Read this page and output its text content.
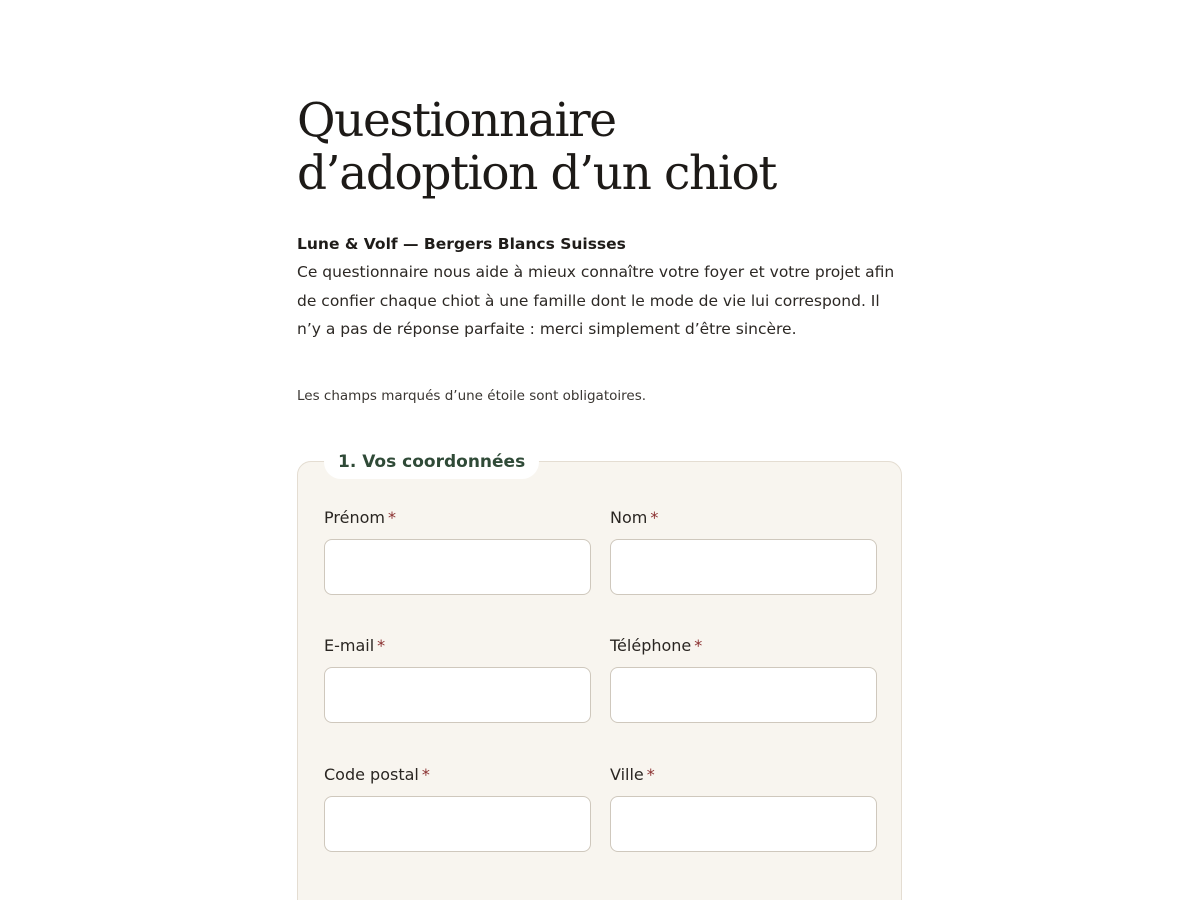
Questionnaire
d’adoption d’un chiot

Lune & Volf — Bergers Blancs Suisses

Ce questionnaire nous aide à mieux connaître votre foyer et votre projet afin de confier chaque chiot à une famille dont le mode de vie lui correspond. Il n’y a pas de réponse parfaite : merci simplement d’être sincère.

Les champs marqués d’une étoile sont obligatoires.

1. Vos coordonnées
Prénom *	Nom *
E-mail *	Téléphone *
Code postal *	Ville *
